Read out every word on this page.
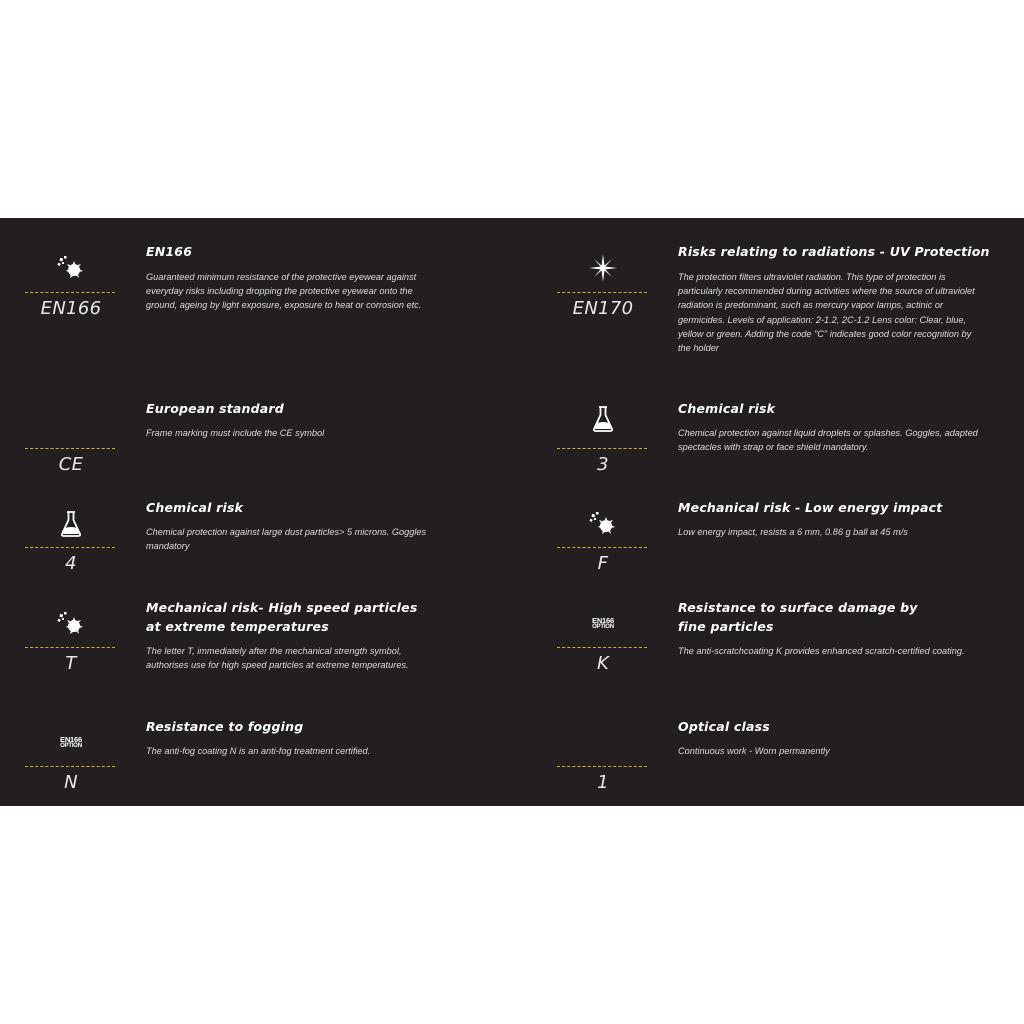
EN166
EN166
Guaranteed minimum resistance of the protective eyewear against everyday risks including dropping the protective eyewear onto the ground, ageing by light exposure, exposure to heat or corrosion etc.	EN170
Risks relating to radiations - UV Protection
The protection filters ultraviolet radiation. This type of protection is particularly recommended during activities where the source of ultraviolet radiation is predominant, such as mercury vapor lamps, actinic or germicides. Levels of application: 2-1.2, 2C-1.2 Lens color: Clear, blue, yellow or green. Adding the code "C" indicates good color recognition by the holder
CE
European standard
Frame marking must include the CE symbol
3
Chemical risk
Chemical protection against liquid droplets or splashes. Goggles, adapted spectacles with strap or face shield mandatory.
4
Chemical risk
Chemical protection against large dust particles> 5 microns. Goggles mandatory
F
Mechanical risk - Low energy impact
Low energy impact, resists a 6 mm, 0.86 g ball at 45 m/s
T
Mechanical risk- High speed particles at extreme temperatures
The letter T, immediately after the mechanical strength symbol, authorises use for high speed particles at extreme temperatures.
EN166
OPTION
K
Resistance to surface damage by fine particles
The anti-scratchcoating K provides enhanced scratch-certified coating.
EN166
OPTION
N
Resistance to fogging
The anti-fog coating N is an anti-fog treatment certified.
1
Optical class
Continuous work - Worn permanently
